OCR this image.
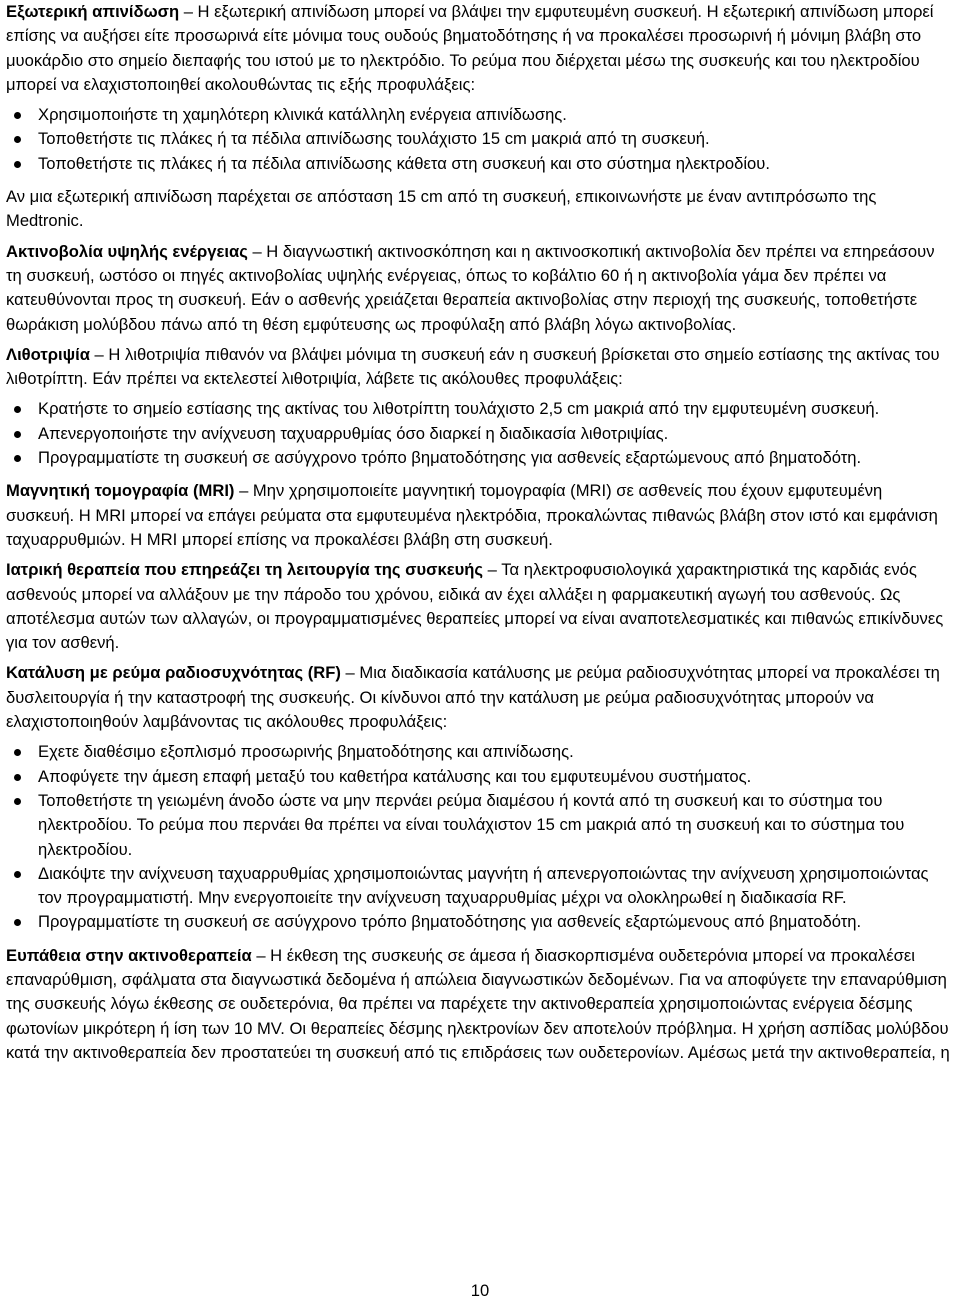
Εξωτερική απινίδωση – Η εξωτερική απινίδωση μπορεί να βλάψει την εμφυτευμένη συσκευή. Η εξωτερική απινίδωση μπορεί επίσης να αυξήσει είτε προσωρινά είτε μόνιμα τους ουδούς βηματοδότησης ή να προκαλέσει προσωρινή ή μόνιμη βλάβη στο μυοκάρδιο στο σημείο διεπαφής του ιστού με το ηλεκτρόδιο. Το ρεύμα που διέρχεται μέσω της συσκευής και του ηλεκτροδίου μπορεί να ελαχιστοποιηθεί ακολουθώντας τις εξής προφυλάξεις:

Χρησιμοποιήστε τη χαμηλότερη κλινικά κατάλληλη ενέργεια απινίδωσης.
Τοποθετήστε τις πλάκες ή τα πέδιλα απινίδωσης τουλάχιστο 15 cm μακριά από τη συσκευή.
Τοποθετήστε τις πλάκες ή τα πέδιλα απινίδωσης κάθετα στη συσκευή και στο σύστημα ηλεκτροδίου.

Αν μια εξωτερική απινίδωση παρέχεται σε απόσταση 15 cm από τη συσκευή, επικοινωνήστε με έναν αντιπρόσωπο της Medtronic.

Ακτινοβολία υψηλής ενέργειας – Η διαγνωστική ακτινοσκόπηση και η ακτινοσκοπική ακτινοβολία δεν πρέπει να επηρεάσουν τη συσκευή, ωστόσο οι πηγές ακτινοβολίας υψηλής ενέργειας, όπως το κοβάλτιο 60 ή η ακτινοβολία γάμα δεν πρέπει να κατευθύνονται προς τη συσκευή. Εάν ο ασθενής χρειάζεται θεραπεία ακτινοβολίας στην περιοχή της συσκευής, τοποθετήστε θωράκιση μολύβδου πάνω από τη θέση εμφύτευσης ως προφύλαξη από βλάβη λόγω ακτινοβολίας.

Λιθοτριψία – Η λιθοτριψία πιθανόν να βλάψει μόνιμα τη συσκευή εάν η συσκευή βρίσκεται στο σημείο εστίασης της ακτίνας του λιθοτρίπτη. Εάν πρέπει να εκτελεστεί λιθοτριψία, λάβετε τις ακόλουθες προφυλάξεις:

Κρατήστε το σημείο εστίασης της ακτίνας του λιθοτρίπτη τουλάχιστο 2,5 cm μακριά από την εμφυτευμένη συσκευή.
Απενεργοποιήστε την ανίχνευση ταχυαρρυθμίας όσο διαρκεί η διαδικασία λιθοτριψίας.
Προγραμματίστε τη συσκευή σε ασύγχρονο τρόπο βηματοδότησης για ασθενείς εξαρτώμενους από βηματοδότη.

Μαγνητική τομογραφία (MRI) – Μην χρησιμοποιείτε μαγνητική τομογραφία (MRI) σε ασθενείς που έχουν εμφυτευμένη συσκευή. Η MRI μπορεί να επάγει ρεύματα στα εμφυτευμένα ηλεκτρόδια, προκαλώντας πιθανώς βλάβη στον ιστό και εμφάνιση ταχυαρρυθμιών. Η MRI μπορεί επίσης να προκαλέσει βλάβη στη συσκευή.

Ιατρική θεραπεία που επηρεάζει τη λειτουργία της συσκευής – Τα ηλεκτροφυσιολογικά χαρακτηριστικά της καρδιάς ενός ασθενούς μπορεί να αλλάξουν με την πάροδο του χρόνου, ειδικά αν έχει αλλάξει η φαρμακευτική αγωγή του ασθενούς. Ως αποτέλεσμα αυτών των αλλαγών, οι προγραμματισμένες θεραπείες μπορεί να είναι αναποτελεσματικές και πιθανώς επικίνδυνες για τον ασθενή.

Κατάλυση με ρεύμα ραδιοσυχνότητας (RF) – Μια διαδικασία κατάλυσης με ρεύμα ραδιοσυχνότητας μπορεί να προκαλέσει τη δυσλειτουργία ή την καταστροφή της συσκευής. Οι κίνδυνοι από την κατάλυση με ρεύμα ραδιοσυχνότητας μπορούν να ελαχιστοποιηθούν λαμβάνοντας τις ακόλουθες προφυλάξεις:

Εχετε διαθέσιμο εξοπλισμό προσωρινής βηματοδότησης και απινίδωσης.
Αποφύγετε την άμεση επαφή μεταξύ του καθετήρα κατάλυσης και του εμφυτευμένου συστήματος.
Τοποθετήστε τη γειωμένη άνοδο ώστε να μην περνάει ρεύμα διαμέσου ή κοντά από τη συσκευή και το σύστημα του ηλεκτροδίου. Το ρεύμα που περνάει θα πρέπει να είναι τουλάχιστον 15 cm μακριά από τη συσκευή και το σύστημα του ηλεκτροδίου.
Διακόψτε την ανίχνευση ταχυαρρυθμίας χρησιμοποιώντας μαγνήτη ή απενεργοποιώντας την ανίχνευση χρησιμοποιώντας τον προγραμματιστή. Μην ενεργοποιείτε την ανίχνευση ταχυαρρυθμίας μέχρι να ολοκληρωθεί η διαδικασία RF.
Προγραμματίστε τη συσκευή σε ασύγχρονο τρόπο βηματοδότησης για ασθενείς εξαρτώμενους από βηματοδότη.

Ευπάθεια στην ακτινοθεραπεία – Η έκθεση της συσκευής σε άμεσα ή διασκορπισμένα ουδετερόνια μπορεί να προκαλέσει επαναρύθμιση, σφάλματα στα διαγνωστικά δεδομένα ή απώλεια διαγνωστικών δεδομένων. Για να αποφύγετε την επαναρύθμιση της συσκευής λόγω έκθεσης σε ουδετερόνια, θα πρέπει να παρέχετε την ακτινοθεραπεία χρησιμοποιώντας ενέργεια δέσμης φωτονίων μικρότερη ή ίση των 10 MV. Οι θεραπείες δέσμης ηλεκτρονίων δεν αποτελούν πρόβλημα. Η χρήση ασπίδας μολύβδου κατά την ακτινοθεραπεία δεν προστατεύει τη συσκευή από τις επιδράσεις των ουδετερονίων. Αμέσως μετά την ακτινοθεραπεία, η

10
